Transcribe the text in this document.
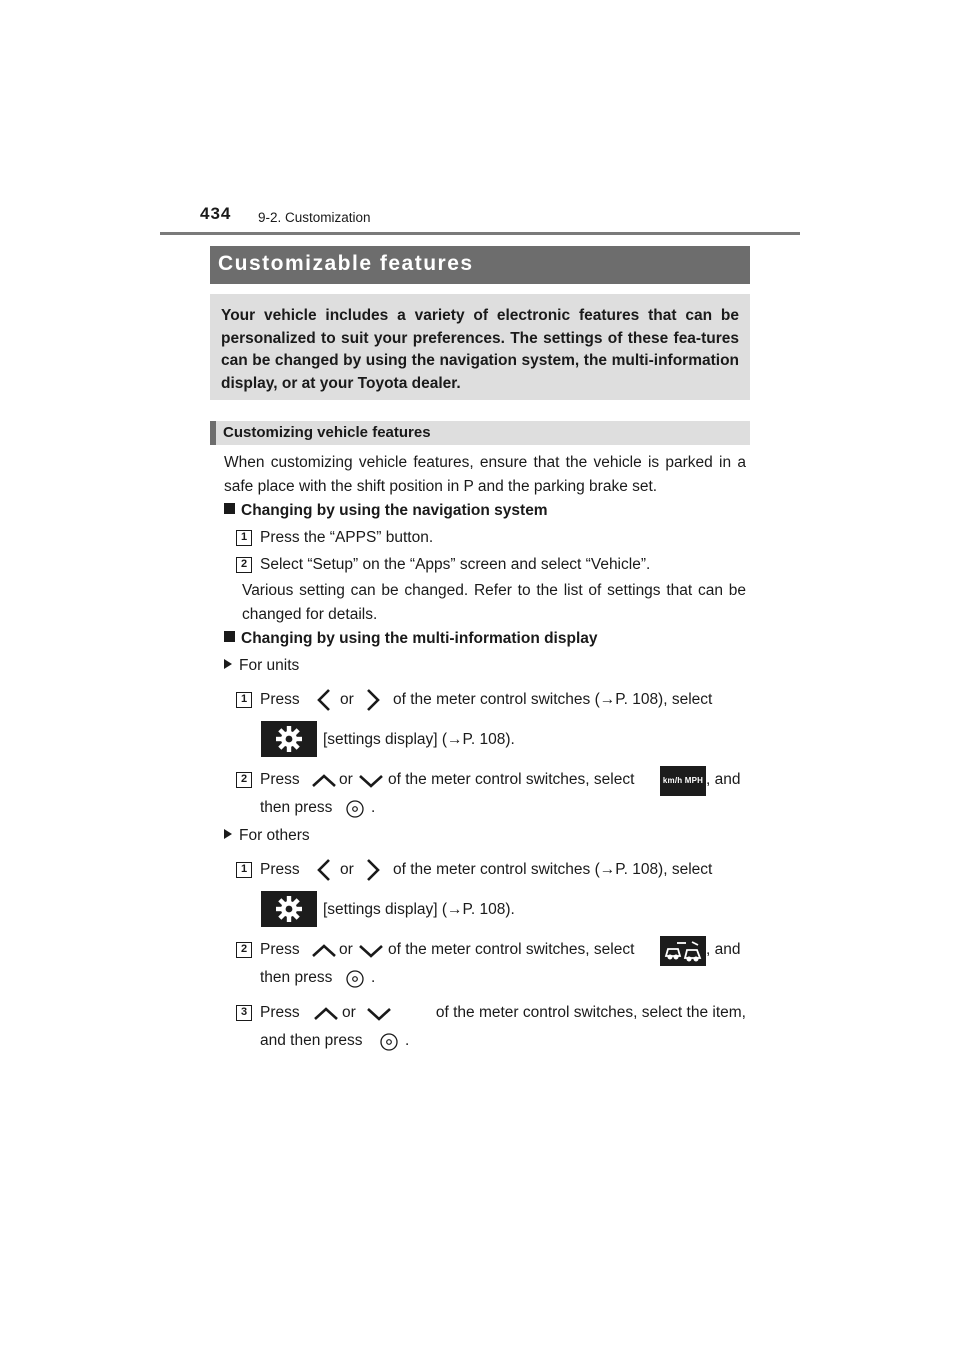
434 9-2. Customization
Customizable features
Your vehicle includes a variety of electronic features that can be personalized to suit your preferences. The settings of these fea-tures can be changed by using the navigation system, the multi-information display, or at your Toyota dealer.
Customizing vehicle features
When customizing vehicle features, ensure that the vehicle is parked in a safe place with the shift position in P and the parking brake set.
Changing by using the navigation system
1 Press the “APPS” button.
2 Select “Setup” on the “Apps” screen and select “Vehicle”.
Various setting can be changed. Refer to the list of settings that can be changed for details.
Changing by using the multi-information display
For units
1 Press	or	of the meter control switches (→P. 108), select
[settings display] (→P. 108).
2 Press	or of the meter control switches, select	km/h MPH , and
then press .
For others
1 Press	or	of the meter control switches (→P. 108), select
[settings display] (→P. 108).
2 Press	or of the meter control switches, select	, and
then press .
3 Press	or	of the meter control switches, select the item,
and then press	.
